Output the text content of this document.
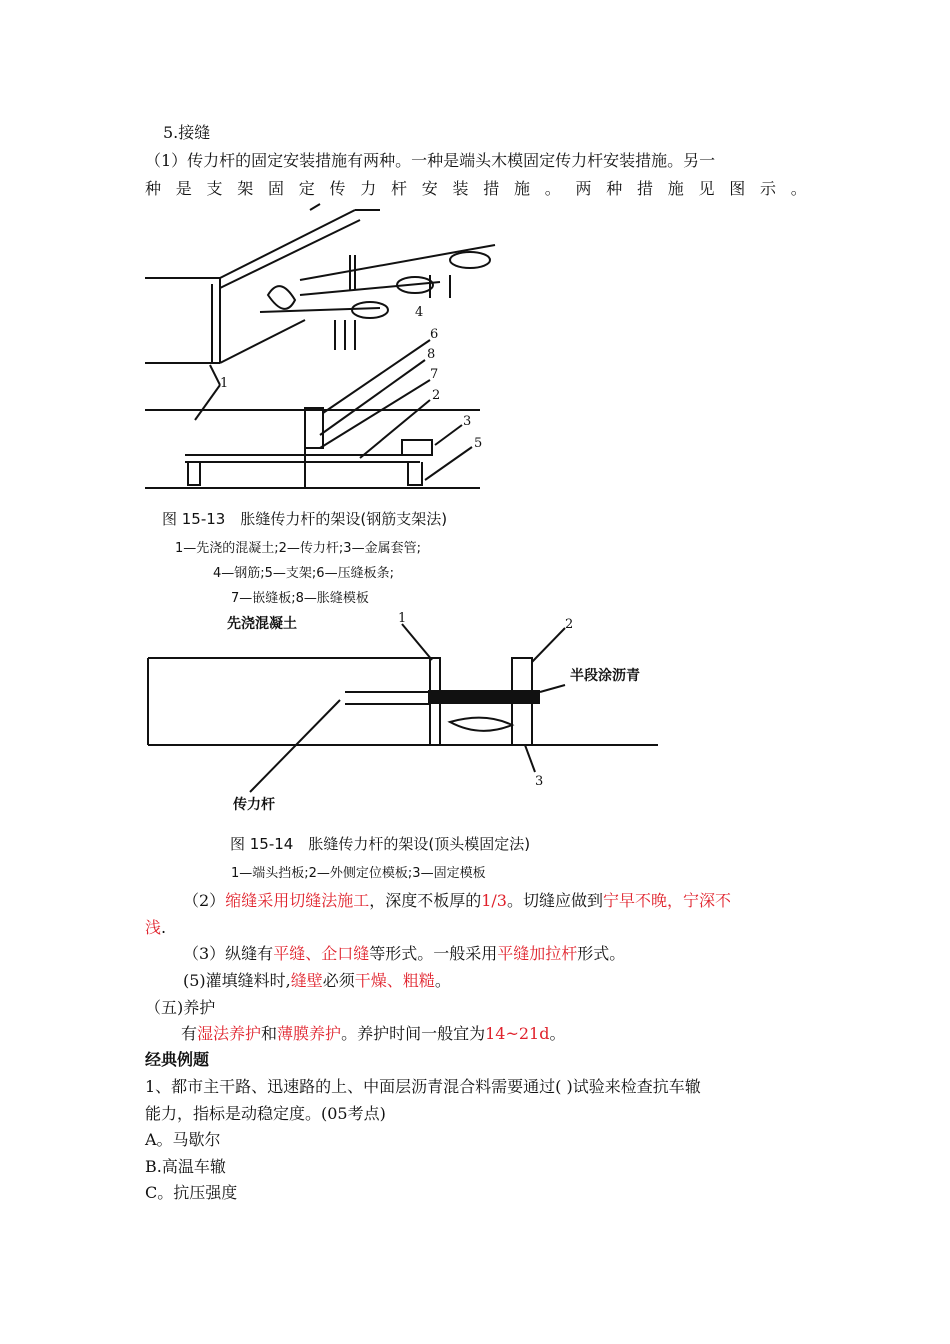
5.接缝
（1）传力杆的固定安装措施有两种。一种是端头木模固定传力杆安装措施。另一
种 是 支 架 固 定 传 力 杆 安 装 措 施 。 两 种 措 施 见 图 示 。
1
2
3
4
5
6
7
8
图 15-13　胀缝传力杆的架设(钢筋支架法)
1—先浇的混凝土;2—传力杆;3—金属套管;
4—钢筋;5—支架;6—压缝板条;
7—嵌缝板;8—胀缝模板
1	2
3
先浇混凝土
半段涂沥青
传力杆
图 15-14　胀缝传力杆的架设(顶头模固定法)
1—端头挡板;2—外侧定位模板;3—固定模板
（2）缩缝采用切缝法施工，深度不板厚的1/3。切缝应做到宁早不晚，宁深不
浅.
（3）纵缝有平缝、企口缝等形式。一般采用平缝加拉杆形式。
(5)灌填缝料时,缝壁必须干燥、粗糙。
（五)养护
有湿法养护和薄膜养护。养护时间一般宜为14~21d。
经典例题
1、都市主干路、迅速路的上、中面层沥青混合料需要通过( )试验来检查抗车辙
能力，指标是动稳定度。(05考点)
A。马歇尔
B.高温车辙
C。抗压强度
